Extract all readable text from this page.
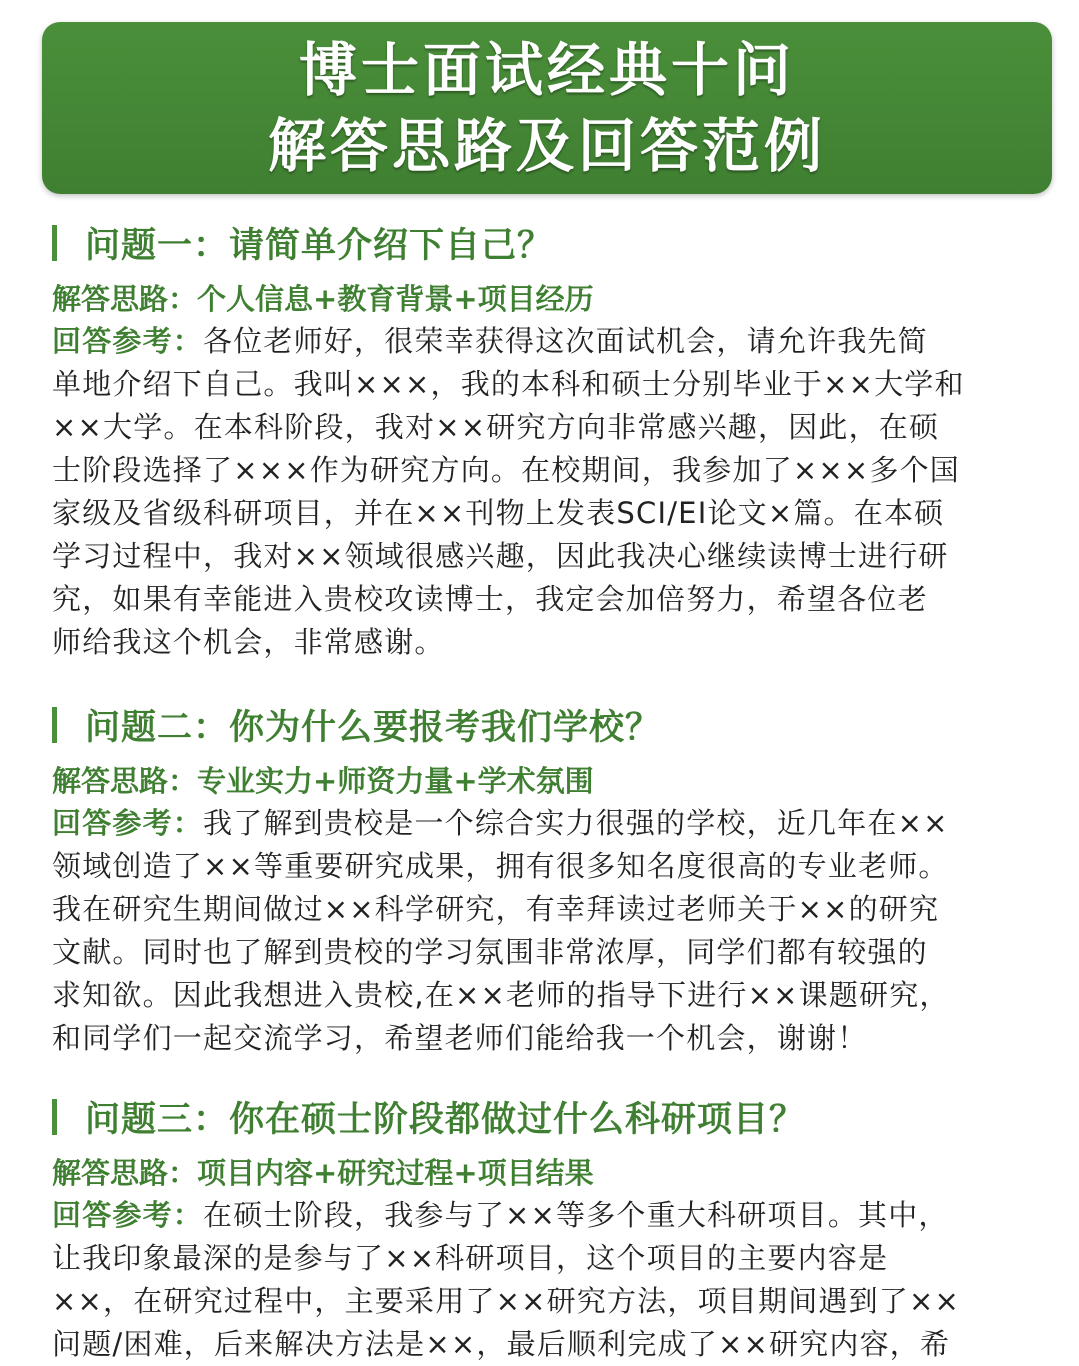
博士面试经典十问
解答思路及回答范例
问题一：请简单介绍下自己？
解答思路：个人信息+教育背景+项目经历
回答参考：各位老师好，很荣幸获得这次面试机会，请允许我先简
单地介绍下自己。我叫×××，我的本科和硕士分别毕业于××大学和
××大学。在本科阶段，我对××研究方向非常感兴趣，因此，在硕
士阶段选择了×××作为研究方向。在校期间，我参加了×××多个国
家级及省级科研项目，并在××刊物上发表SCI/EI论文×篇。在本硕
学习过程中，我对××领域很感兴趣，因此我决心继续读博士进行研
究，如果有幸能进入贵校攻读博士，我定会加倍努力，希望各位老
师给我这个机会，非常感谢。
问题二：你为什么要报考我们学校？
解答思路：专业实力+师资力量+学术氛围
回答参考：我了解到贵校是一个综合实力很强的学校，近几年在××
领域创造了××等重要研究成果，拥有很多知名度很高的专业老师。
我在研究生期间做过××科学研究，有幸拜读过老师关于××的研究
文献。同时也了解到贵校的学习氛围非常浓厚，同学们都有较强的
求知欲。因此我想进入贵校,在××老师的指导下进行××课题研究，
和同学们一起交流学习，希望老师们能给我一个机会，谢谢！
问题三：你在硕士阶段都做过什么科研项目？
解答思路：项目内容+研究过程+项目结果
回答参考：在硕士阶段，我参与了××等多个重大科研项目。其中，
让我印象最深的是参与了××科研项目，这个项目的主要内容是
××，在研究过程中，主要采用了××研究方法，项目期间遇到了××
问题/困难，后来解决方法是××，最后顺利完成了××研究内容，希
